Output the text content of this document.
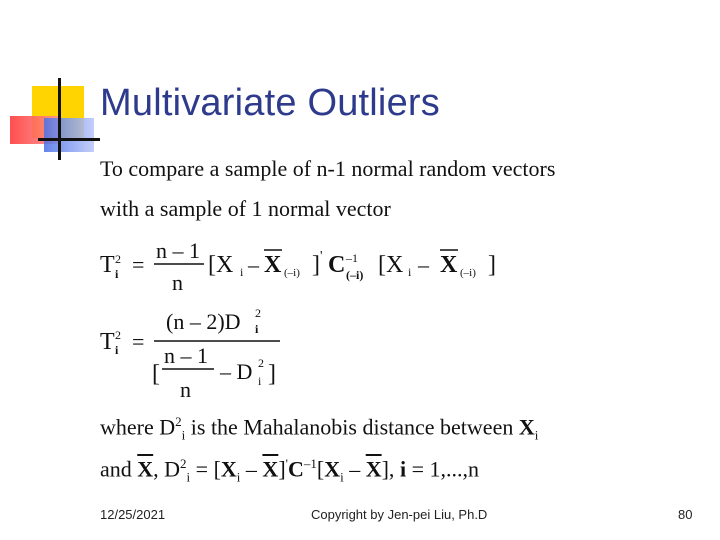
Multivariate Outliers
To compare a sample of n-1 normal random vectors
with a sample of 1 normal vector
T 2
i =
n – 1
n
[X i – X (–i) ] ' C –1
(–i) [X i – X (–i) ]
T 2
i =
(n – 2)D 2
i
n – 1
[
n
– D 2
i ]
where $D^2_i$ is the Mahalanobis distance between $X_i$
and $\overline{X}$, $D^2_i = [X_i - \overline{X}]'C^{-1}[X_i - \overline{X}]$, i = 1,...,n
12/25/2021	Copyright by Jen-pei Liu, Ph.D	80
